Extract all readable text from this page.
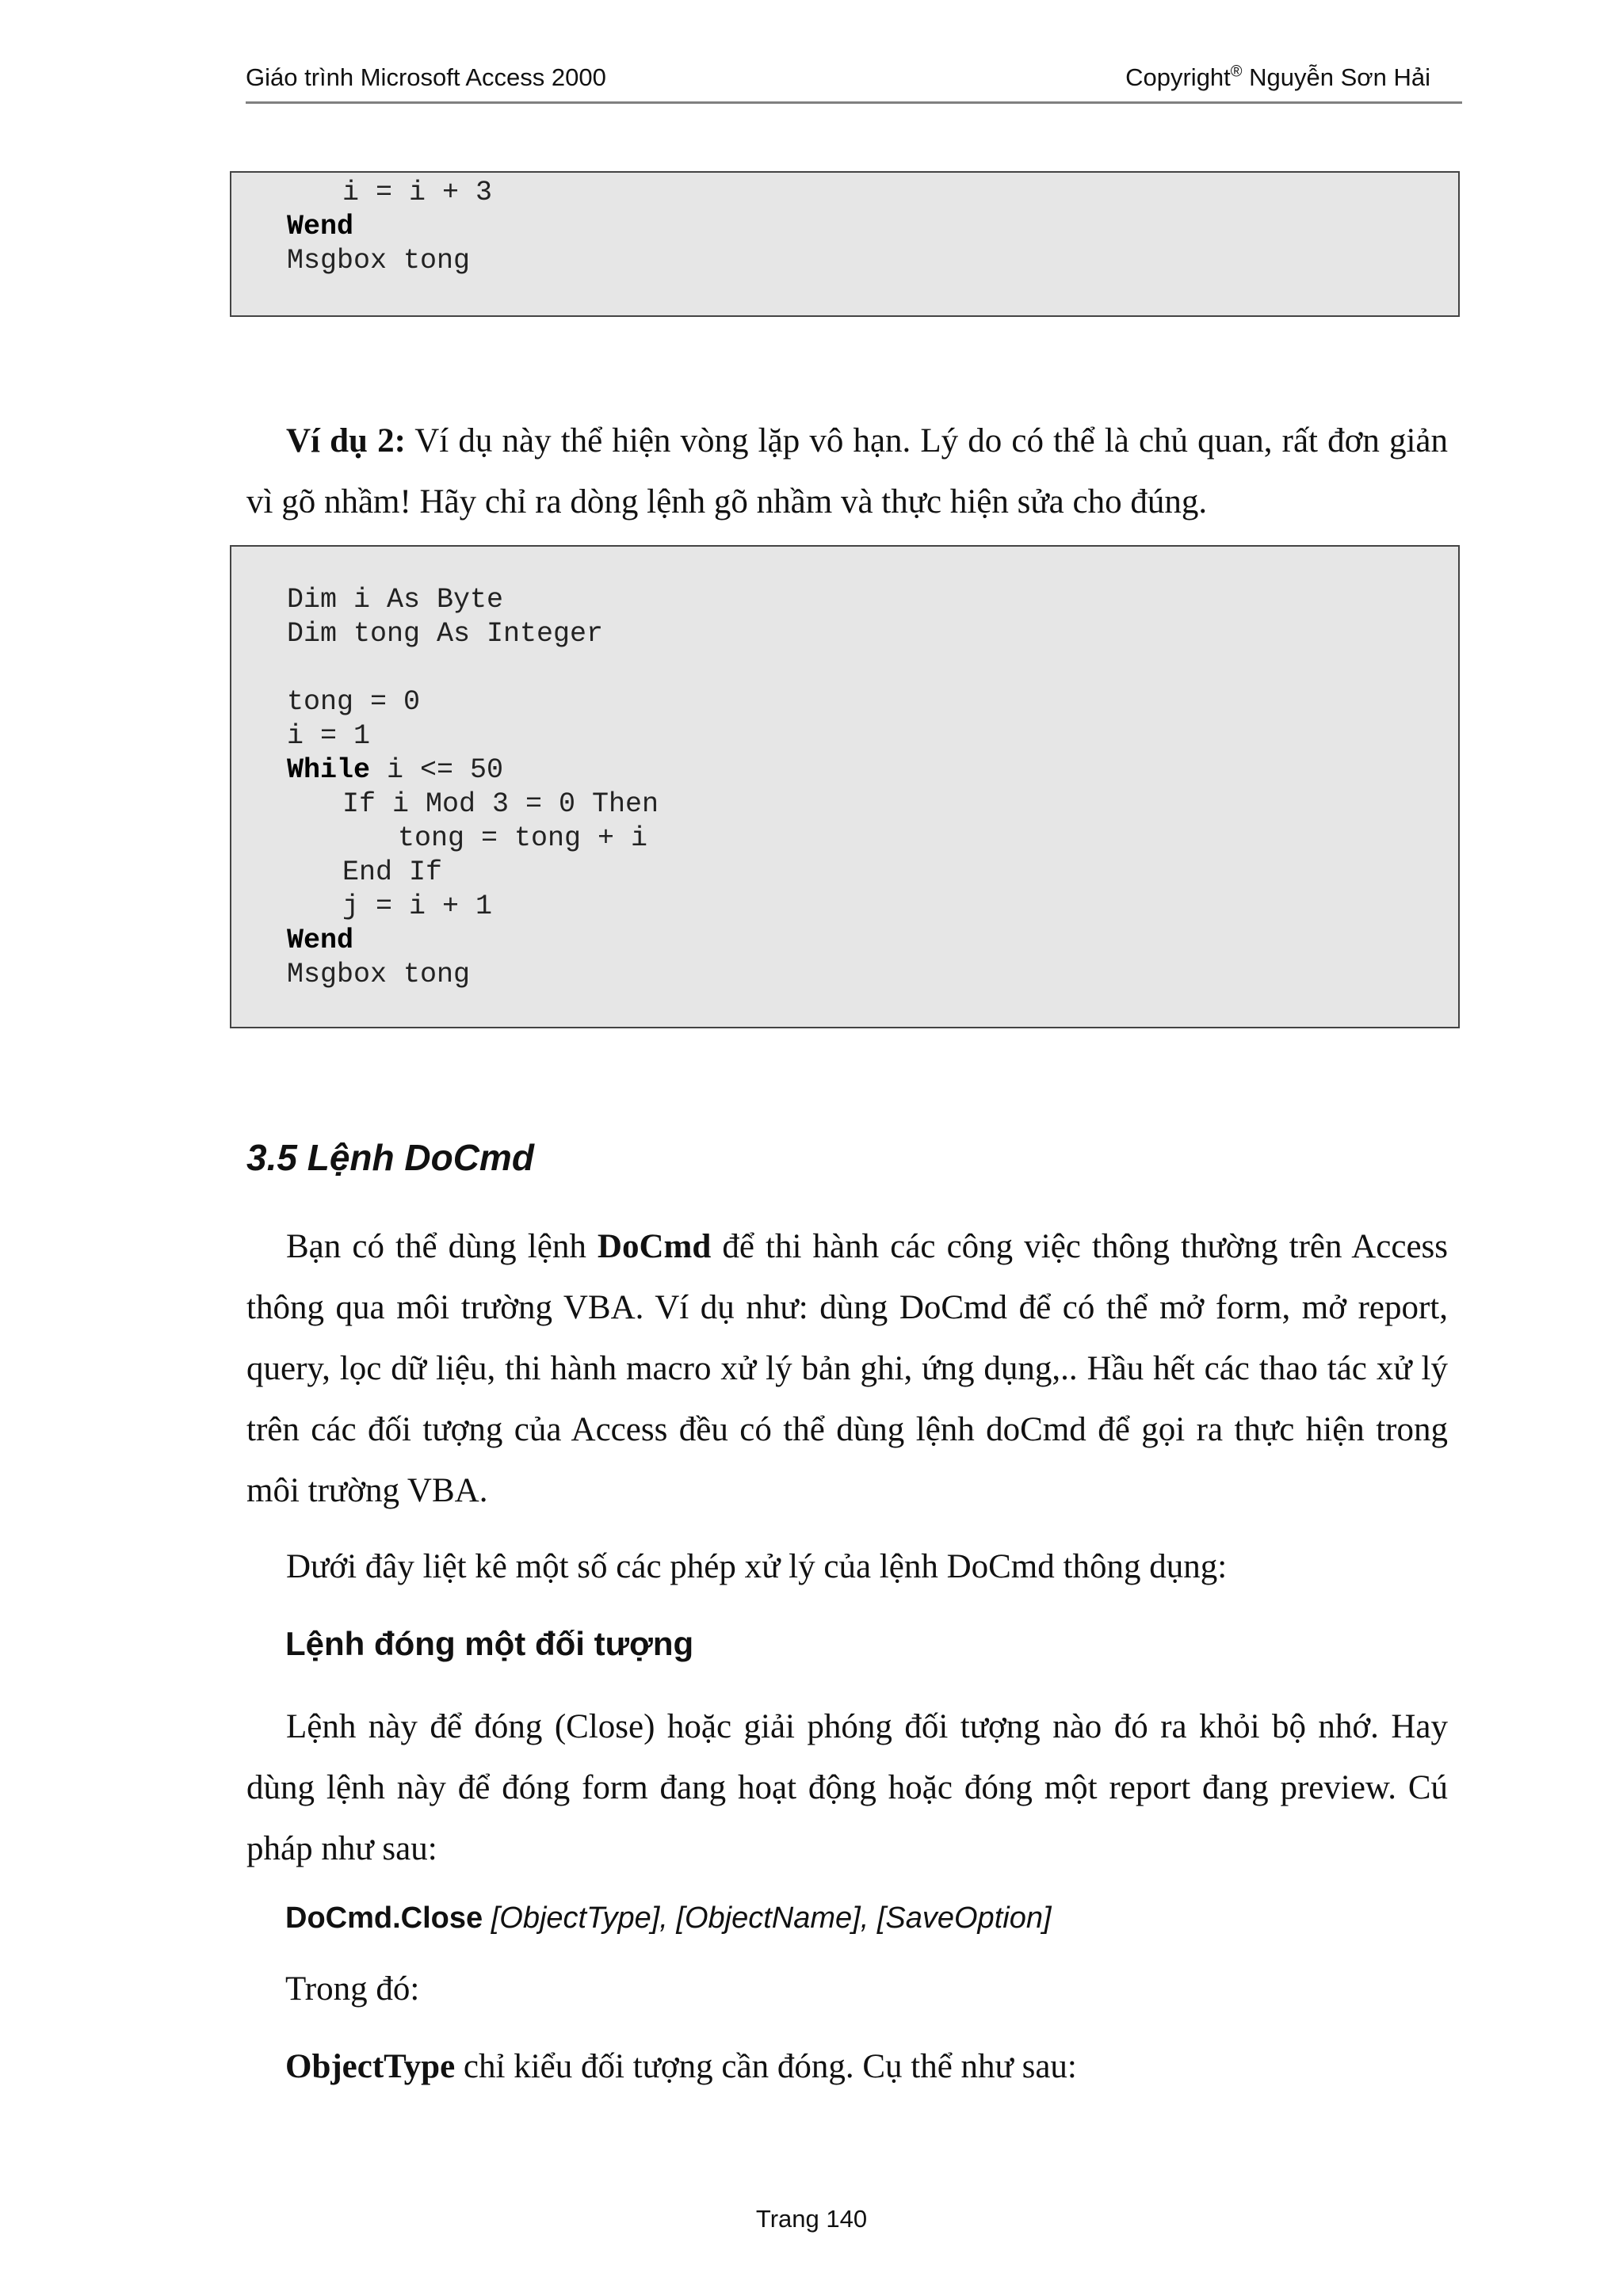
Giáo trình Microsoft Access 2000	Copyright® Nguyễn Sơn Hải
i = i + 3
Wend
Msgbox tong

Ví dụ 2: Ví dụ này thể hiện vòng lặp vô hạn. Lý do có thể là chủ quan, rất đơn giản vì gõ nhầm! Hãy chỉ ra dòng lệnh gõ nhầm và thực hiện sửa cho đúng.

Dim i As Byte
Dim tong As Integer
tong = 0
i = 1
While i <= 50
If i Mod 3 = 0 Then
tong = tong + i
End If
j = i + 1
Wend
Msgbox tong
3.5 Lệnh DoCmd

Bạn có thể dùng lệnh DoCmd để thi hành các công việc thông thường trên Access thông qua môi trường VBA. Ví dụ như: dùng DoCmd để có thể mở form, mở report, query, lọc dữ liệu, thi hành macro xử lý bản ghi, ứng dụng,.. Hầu hết các thao tác xử lý trên các đối tượng của Access đều có thể dùng lệnh doCmd để gọi ra thực hiện trong môi trường VBA.

Dưới đây liệt kê một số các phép xử lý của lệnh DoCmd thông dụng:

Lệnh đóng một đối tượng

Lệnh này để đóng (Close) hoặc giải phóng đối tượng nào đó ra khỏi bộ nhớ. Hay dùng lệnh này để đóng form đang hoạt động hoặc đóng một report đang preview. Cú pháp như sau:

DoCmd.Close [ObjectType], [ObjectName], [SaveOption]

Trong đó:

ObjectType chỉ kiểu đối tượng cần đóng. Cụ thể như sau:

Trang 140
